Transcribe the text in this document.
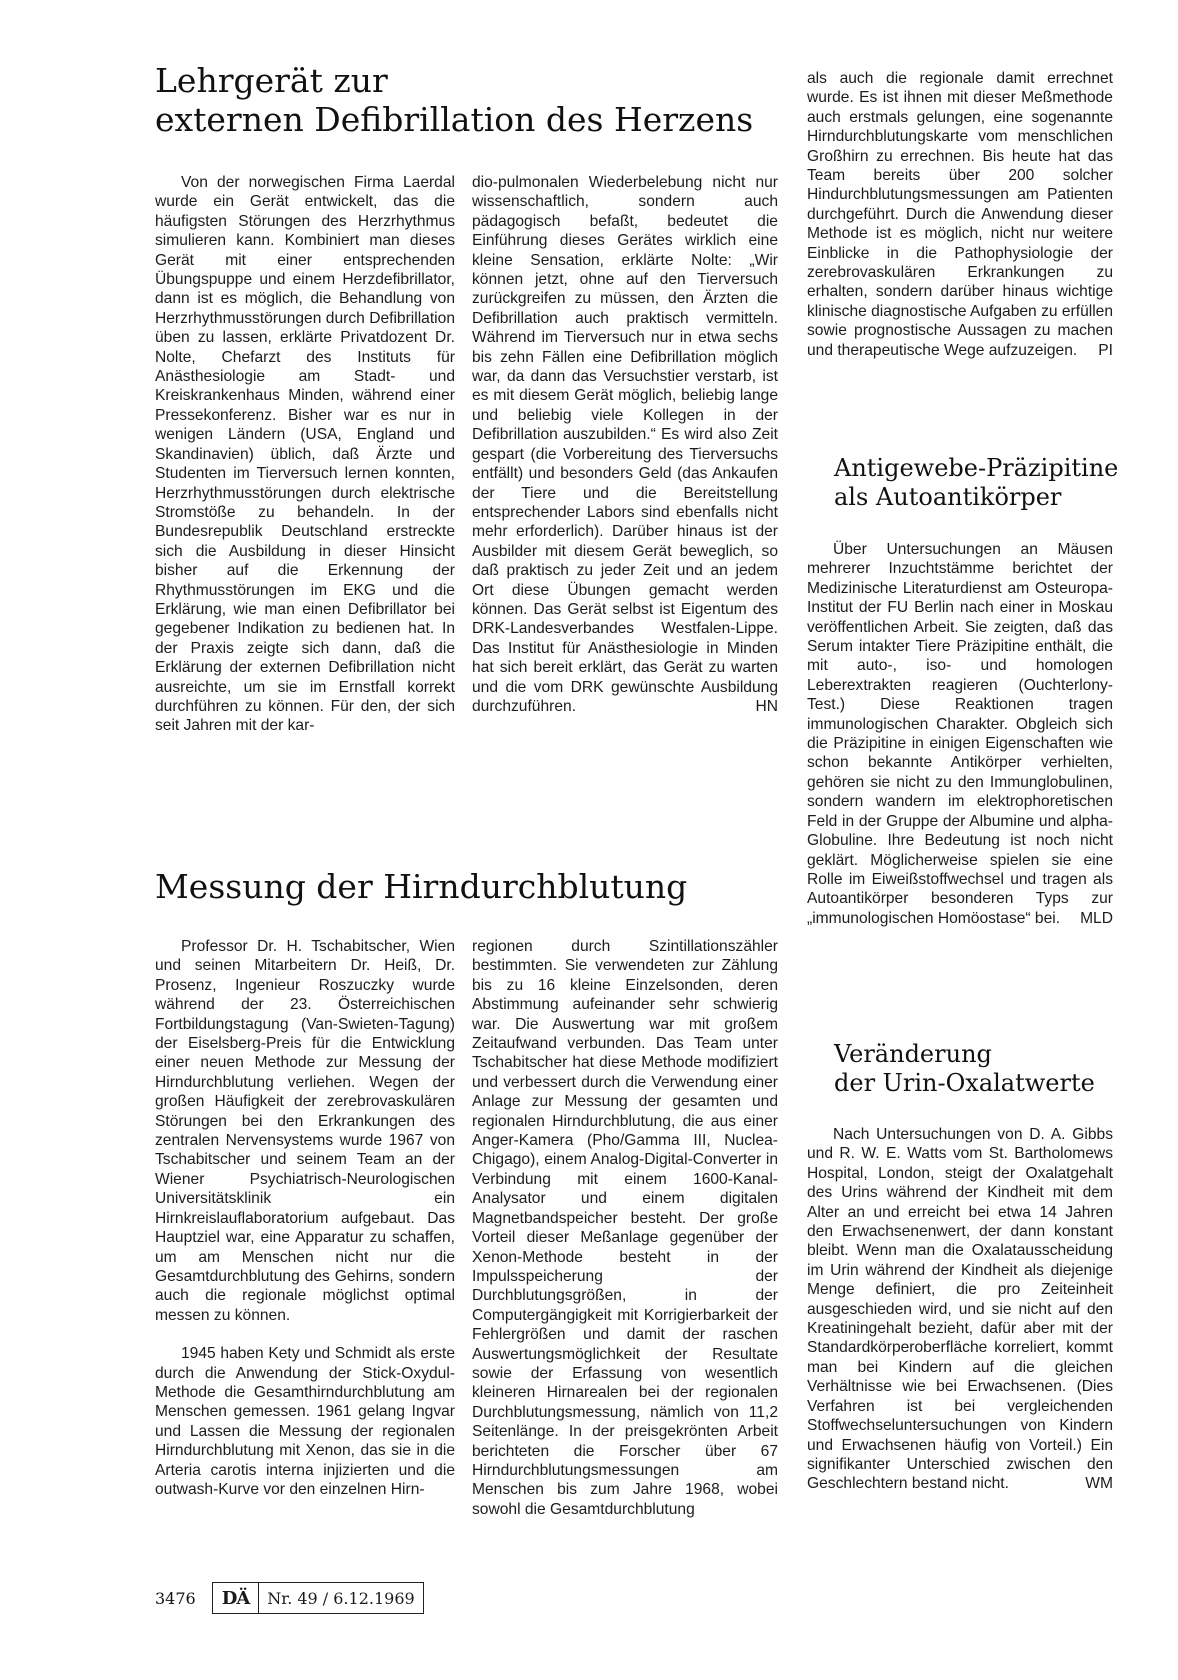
Lehrgerät zur
externen Defibrillation des Herzens

Von der norwegischen Firma Laerdal wurde ein Gerät entwickelt, das die häufigsten Störungen des Herzrhythmus simulieren kann. Kombiniert man dieses Gerät mit einer entsprechenden Übungspuppe und einem Herzdefibrillator, dann ist es möglich, die Behandlung von Herzrhythmusstörungen durch Defibrillation üben zu lassen, erklärte Privatdozent Dr. Nolte, Chefarzt des Instituts für Anästhesiologie am Stadt- und Kreiskrankenhaus Minden, während einer Pressekonferenz. Bisher war es nur in wenigen Ländern (USA, England und Skandinavien) üblich, daß Ärzte und Studenten im Tierversuch lernen konnten, Herzrhythmusstörungen durch elektrische Stromstöße zu behandeln. In der Bundesrepublik Deutschland erstreckte sich die Ausbildung in dieser Hinsicht bisher auf die Erkennung der Rhythmusstörungen im EKG und die Erklärung, wie man einen Defibrillator bei gegebener Indikation zu bedienen hat. In der Praxis zeigte sich dann, daß die Erklärung der externen Defibrillation nicht ausreichte, um sie im Ernstfall korrekt durchführen zu können. Für den, der sich seit Jahren mit der kar-

dio-pulmonalen Wiederbelebung nicht nur wissenschaftlich, sondern auch pädagogisch befaßt, bedeutet die Einführung dieses Gerätes wirklich eine kleine Sensation, erklärte Nolte: „Wir können jetzt, ohne auf den Tierversuch zurückgreifen zu müssen, den Ärzten die Defibrillation auch praktisch vermitteln. Während im Tierversuch nur in etwa sechs bis zehn Fällen eine Defibrillation möglich war, da dann das Versuchstier verstarb, ist es mit diesem Gerät möglich, beliebig lange und beliebig viele Kollegen in der Defibrillation auszubilden.“ Es wird also Zeit gespart (die Vorbereitung des Tierversuchs entfällt) und besonders Geld (das Ankaufen der Tiere und die Bereitstellung entsprechender Labors sind ebenfalls nicht mehr erforderlich). Darüber hinaus ist der Ausbilder mit diesem Gerät beweglich, so daß praktisch zu jeder Zeit und an jedem Ort diese Übungen gemacht werden können. Das Gerät selbst ist Eigentum des DRK-Landesverbandes Westfalen-Lippe. Das Institut für Anästhesiologie in Minden hat sich bereit erklärt, das Gerät zu warten und die vom DRK gewünschte Ausbildung durchzuführen.	HN

Messung der Hirndurchblutung

Professor Dr. H. Tschabitscher, Wien und seinen Mitarbeitern Dr. Heiß, Dr. Prosenz, Ingenieur Roszuczky wurde während der 23. Österreichischen Fortbildungstagung (Van-Swieten-Tagung) der Eiselsberg-Preis für die Entwicklung einer neuen Methode zur Messung der Hirndurchblutung verliehen. Wegen der großen Häufigkeit der zerebrovaskulären Störungen bei den Erkrankungen des zentralen Nervensystems wurde 1967 von Tschabitscher und seinem Team an der Wiener Psychiatrisch-Neurologischen Universitätsklinik ein Hirnkreislauflaboratorium aufgebaut. Das Hauptziel war, eine Apparatur zu schaffen, um am Menschen nicht nur die Gesamtdurchblutung des Gehirns, sondern auch die regionale möglichst optimal messen zu können.

1945 haben Kety und Schmidt als erste durch die Anwendung der Stick-Oxydul-Methode die Gesamthirndurchblutung am Menschen gemessen. 1961 gelang Ingvar und Lassen die Messung der regionalen Hirndurchblutung mit Xenon, das sie in die Arteria carotis interna injizierten und die outwash-Kurve vor den einzelnen Hirn-

regionen durch Szintillationszähler bestimmten. Sie verwendeten zur Zählung bis zu 16 kleine Einzelsonden, deren Abstimmung aufeinander sehr schwierig war. Die Auswertung war mit großem Zeitaufwand verbunden. Das Team unter Tschabitscher hat diese Methode modifiziert und verbessert durch die Verwendung einer Anlage zur Messung der gesamten und regionalen Hirndurchblutung, die aus einer Anger-Kamera (Pho/Gamma III, Nuclea-Chigago), einem Analog-Digital-Converter in Verbindung mit einem 1600-Kanal-Analysator und einem digitalen Magnetbandspeicher besteht. Der große Vorteil dieser Meßanlage gegenüber der Xenon-Methode besteht in der Impulsspeicherung der Durchblutungsgrößen, in der Computergängigkeit mit Korrigierbarkeit der Fehlergrößen und damit der raschen Auswertungsmöglichkeit der Resultate sowie der Erfassung von wesentlich kleineren Hirnarealen bei der regionalen Durchblutungsmessung, nämlich von 11,2 Seitenlänge. In der preisgekrönten Arbeit berichteten die Forscher über 67 Hirndurchblutungsmessungen am Menschen bis zum Jahre 1968, wobei sowohl die Gesamtdurchblutung

als auch die regionale damit errechnet wurde. Es ist ihnen mit dieser Meßmethode auch erstmals gelungen, eine sogenannte Hirndurchblutungskarte vom menschlichen Großhirn zu errechnen. Bis heute hat das Team bereits über 200 solcher Hindurchblutungsmessungen am Patienten durchgeführt. Durch die Anwendung dieser Methode ist es möglich, nicht nur weitere Einblicke in die Pathophysiologie der zerebrovaskulären Erkrankungen zu erhalten, sondern darüber hinaus wichtige klinische diagnostische Aufgaben zu erfüllen sowie prognostische Aussagen zu machen und therapeutische Wege aufzuzeigen. PI

Antigewebe-Präzipitine
als Autoantikörper

Über Untersuchungen an Mäusen mehrerer Inzuchtstämme berichtet der Medizinische Literaturdienst am Osteuropa-Institut der FU Berlin nach einer in Moskau veröffentlichen Arbeit. Sie zeigten, daß das Serum intakter Tiere Präzipitine enthält, die mit auto-, iso- und homologen Leberextrakten reagieren (Ouchterlony-Test.) Diese Reaktionen tragen immunologischen Charakter. Obgleich sich die Präzipitine in einigen Eigenschaften wie schon bekannte Antikörper verhielten, gehören sie nicht zu den Immunglobulinen, sondern wandern im elektrophoretischen Feld in der Gruppe der Albumine und alpha-Globuline. Ihre Bedeutung ist noch nicht geklärt. Möglicherweise spielen sie eine Rolle im Eiweißstoffwechsel und tragen als Autoantikörper besonderen Typs zur „immunologischen Homöostase“ bei. MLD

Veränderung
der Urin-Oxalatwerte

Nach Untersuchungen von D. A. Gibbs und R. W. E. Watts vom St. Bartholomews Hospital, London, steigt der Oxalatgehalt des Urins während der Kindheit mit dem Alter an und erreicht bei etwa 14 Jahren den Erwachsenenwert, der dann konstant bleibt. Wenn man die Oxalatausscheidung im Urin während der Kindheit als diejenige Menge definiert, die pro Zeiteinheit ausgeschieden wird, und sie nicht auf den Kreatiningehalt bezieht, dafür aber mit der Standardkörperoberfläche korreliert, kommt man bei Kindern auf die gleichen Verhältnisse wie bei Erwachsenen. (Dies Verfahren ist bei vergleichenden Stoffwechseluntersuchungen von Kindern und Erwachsenen häufig von Vorteil.) Ein signifikanter Unterschied zwischen den Geschlechtern bestand nicht.	WM

3476	DÄ	Nr. 49 / 6.12.1969
